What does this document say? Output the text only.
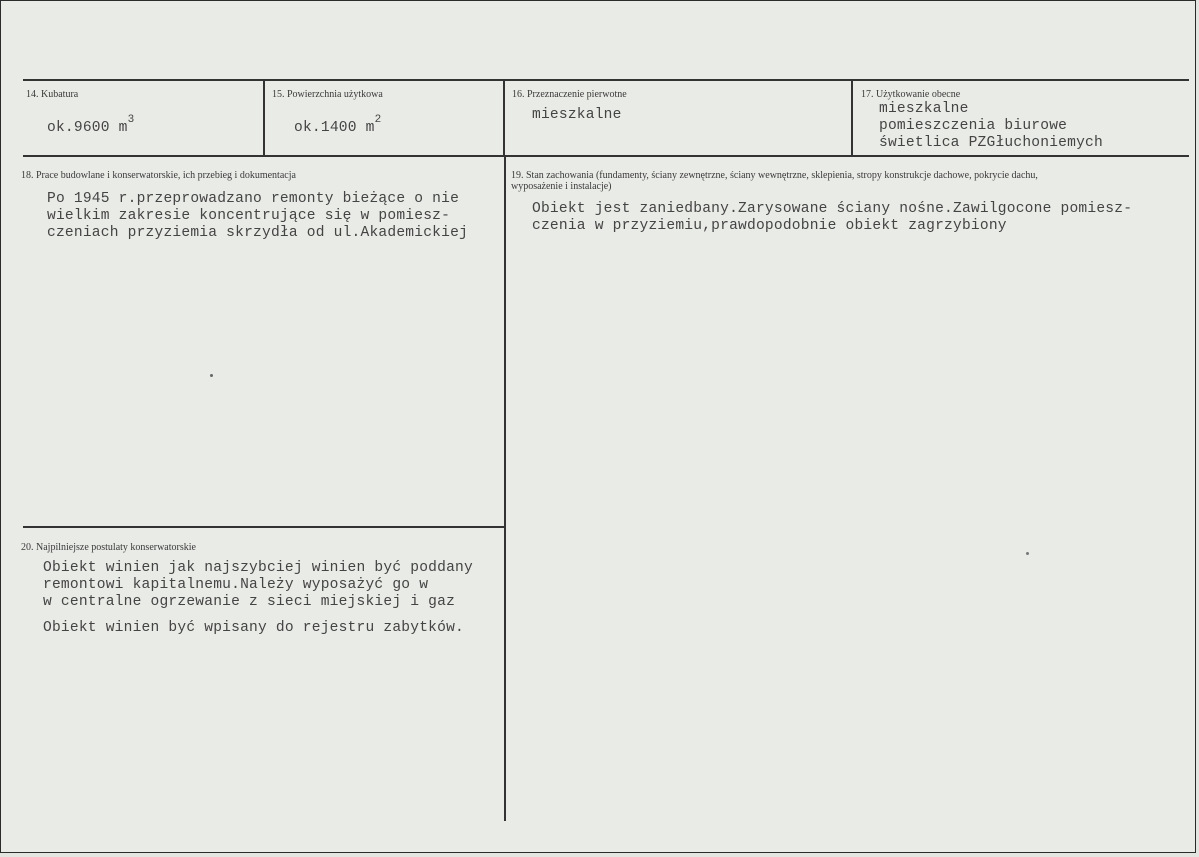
14. Kubatura
ok.9600 $m^3$
15. Powierzchnia użytkowa
ok.1400 $m^2$
16. Przeznaczenie pierwotne
mieszkalne
17. Użytkowanie obecne
mieszkalne
pomieszczenia biurowe
świetlica PZGłuchoniemych
18. Prace budowlane i konserwatorskie, ich przebieg i dokumentacja
Po 1945 r.przeprowadzano remonty bieżące o nie
wielkim zakresie koncentrujące się w pomiesz-
czeniach przyziemia skrzydła od ul.Akademickiej
19. Stan zachowania (fundamenty, ściany zewnętrzne, ściany wewnętrzne, sklepienia, stropy konstrukcje dachowe, pokrycie dachu, wyposażenie i instalacje)
Obiekt jest zaniedbany.Zarysowane ściany nośne.Zawilgocone pomiesz-
czenia w przyziemiu,prawdopodobnie obiekt zagrzybiony
20. Najpilniejsze postulaty konserwatorskie
Obiekt winien jak najszybciej winien być poddany
remontowi kapitalnemu.Należy wyposażyć go w
w centralne ogrzewanie z sieci miejskiej i gaz
Obiekt winien być wpisany do rejestru zabytków.
